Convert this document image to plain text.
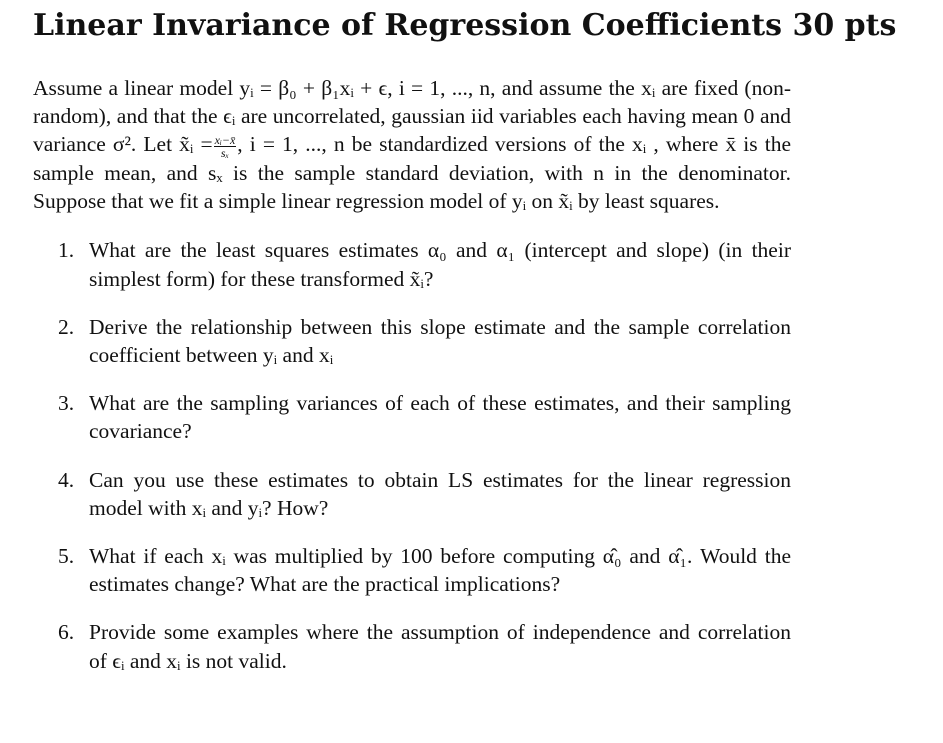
Linear Invariance of Regression Coefficients 30 pts
Assume a linear model yᵢ = β₀ + β₁xᵢ + ϵ, i = 1, ..., n, and assume the xᵢ are fixed (non-random), and that the ϵᵢ are uncorrelated, gaussian iid variables each having mean 0 and variance σ². Let x̃ᵢ = $\frac{\text{xᵢ−x̄}}{\text{sₓ}}$ , i = 1, ..., n be standardized versions of the xᵢ , where x̄ is the sample mean, and sₓ is the sample standard deviation, with n in the denominator. Suppose that we fit a simple linear regression model of yᵢ on x̃ᵢ by least squares.
1. What are the least squares estimates α₀ and α₁ (intercept and slope) (in their simplest form) for these transformed x̃ᵢ?
2. Derive the relationship between this slope estimate and the sample correlation coefficient between yᵢ and xᵢ
3. What are the sampling variances of each of these estimates, and their sampling covariance?
4. Can you use these estimates to obtain LS estimates for the linear regression model with xᵢ and yᵢ? How?
5. What if each xᵢ was multiplied by 100 before computing α̂₀ and α̂₁. Would the estimates change? What are the practical implications?
6. Provide some examples where the assumption of independence and correlation of ϵᵢ and xᵢ is not valid.
